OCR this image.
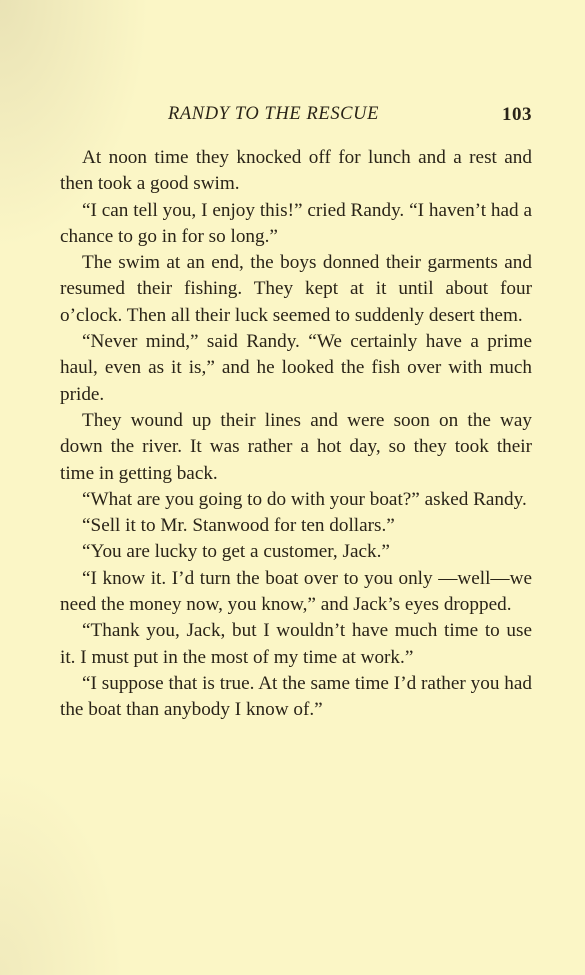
RANDY TO THE RESCUE	103

At noon time they knocked off for lunch and a rest and then took a good swim.

“I can tell you, I enjoy this!” cried Randy. “I haven’t had a chance to go in for so long.”

The swim at an end, the boys donned their garments and resumed their fishing. They kept at it until about four o’clock. Then all their luck seemed to suddenly desert them.

“Never mind,” said Randy. “We certainly have a prime haul, even as it is,” and he looked the fish over with much pride.

They wound up their lines and were soon on the way down the river. It was rather a hot day, so they took their time in getting back.

“What are you going to do with your boat?” asked Randy.

“Sell it to Mr. Stanwood for ten dollars.”

“You are lucky to get a customer, Jack.”

“I know it. I’d turn the boat over to you only —well—we need the money now, you know,” and Jack’s eyes dropped.

“Thank you, Jack, but I wouldn’t have much time to use it. I must put in the most of my time at work.”

“I suppose that is true. At the same time I’d rather you had the boat than anybody I know of.”
